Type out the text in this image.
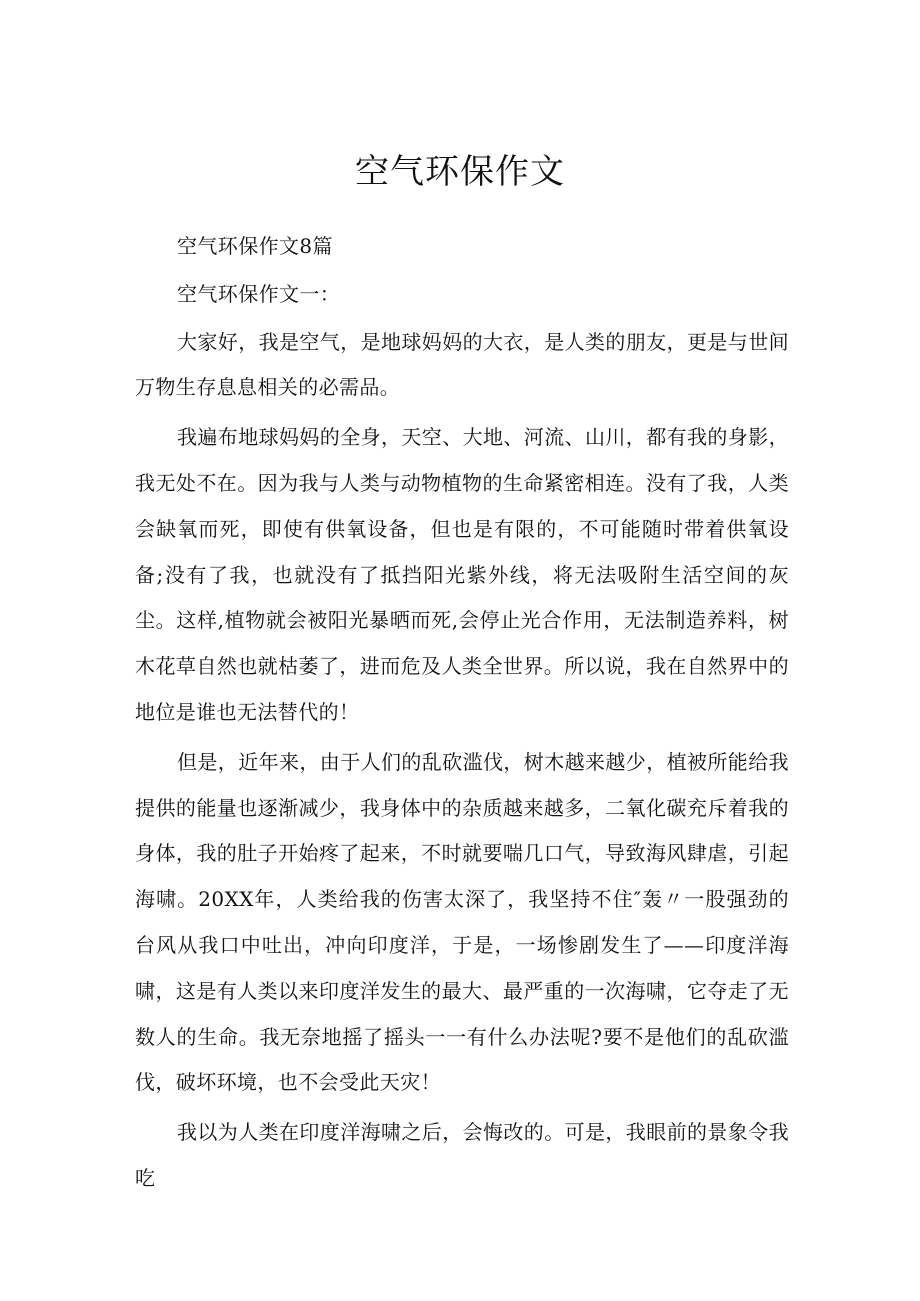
空气环保作文

空气环保作文8篇

空气环保作文一：

大家好，我是空气，是地球妈妈的大衣，是人类的朋友，更是与世间万物生存息息相关的必需品。

我遍布地球妈妈的全身，天空、大地、河流、山川，都有我的身影，我无处不在。因为我与人类与动物植物的生命紧密相连。没有了我，人类会缺氧而死，即使有供氧设备，但也是有限的，不可能随时带着供氧设备;没有了我，也就没有了抵挡阳光紫外线，将无法吸附生活空间的灰尘。这样,植物就会被阳光暴晒而死,会停止光合作用，无法制造养料，树木花草自然也就枯萎了，进而危及人类全世界。所以说，我在自然界中的地位是谁也无法替代的！

但是，近年来，由于人们的乱砍滥伐，树木越来越少，植被所能给我提供的能量也逐渐减少，我身体中的杂质越来越多，二氧化碳充斥着我的身体，我的肚子开始疼了起来，不时就要喘几口气，导致海风肆虐，引起海啸。20XX年，人类给我的伤害太深了，我坚持不住″轰〃一股强劲的台风从我口中吐出，冲向印度洋，于是，一场惨剧发生了——印度洋海啸，这是有人类以来印度洋发生的最大、最严重的一次海啸，它夺走了无数人的生命。我无奈地摇了摇头一一有什么办法呢?要不是他们的乱砍滥伐，破坏环境，也不会受此天灾！

我以为人类在印度洋海啸之后，会悔改的。可是，我眼前的景象令我吃
